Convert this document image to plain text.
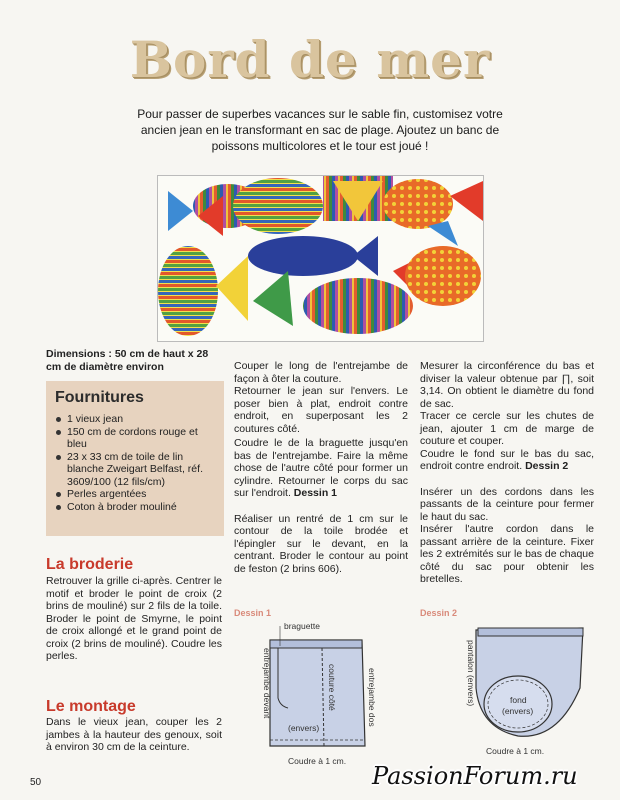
Bord de mer
Pour passer de superbes vacances sur le sable fin, customisez votre ancien jean en le transformant en sac de plage. Ajoutez un banc de poissons multicolores et le tour est joué !
Dimensions : 50 cm de haut x 28 cm de diamètre environ
Fournitures
1 vieux jean
150 cm de cordons rouge et bleu
23 x 33 cm de toile de lin blanche Zweigart Belfast, réf. 3609/100 (12 fils/cm)
Perles argentées
Coton à broder mouliné
La broderie
Retrouver la grille ci-après. Centrer le motif et broder le point de croix (2 brins de mouliné) sur 2 fils de la toile. Broder le point de Smyrne, le point de croix allongé et le grand point de croix (2 brins de mouliné). Coudre les perles.
Le montage
Dans le vieux jean, couper les 2 jambes à la hauteur des genoux, soit à environ 30 cm de la ceinture.
Couper le long de l'entrejambe de façon à ôter la couture.
Retourner le jean sur l'envers. Le poser bien à plat, endroit contre endroit, en superposant les 2 coutures côté.
Coudre le de la braguette jusqu'en bas de l'entrejambe. Faire la même chose de l'autre côté pour former un cylindre. Retourner le corps du sac sur l'endroit. Dessin 1
Réaliser un rentré de 1 cm sur le contour de la toile brodée et l'épingler sur le devant, en la centrant. Broder le contour au point de feston (2 brins 606).
Mesurer la circonférence du bas et diviser la valeur obtenue par ∏, soit 3,14. On obtient le diamètre du fond de sac.
Tracer ce cercle sur les chutes de jean, ajouter 1 cm de marge de couture et couper.
Coudre le fond sur le bas du sac, endroit contre endroit. Dessin 2
Insérer un des cordons dans les passants de la ceinture pour fermer le haut du sac.
Insérer l'autre cordon dans le passant arrière de la ceinture. Fixer les 2 extrémités sur le bas de chaque côté du sac pour obtenir les bretelles.
Dessin 1
braguette
entrejambe devant	couture côté	entrejambe dos
(envers)
Coudre à 1 cm.
Dessin 2
pantalon (envers)	fond
(envers)
Coudre à 1 cm.
50	PassionForum.ru
